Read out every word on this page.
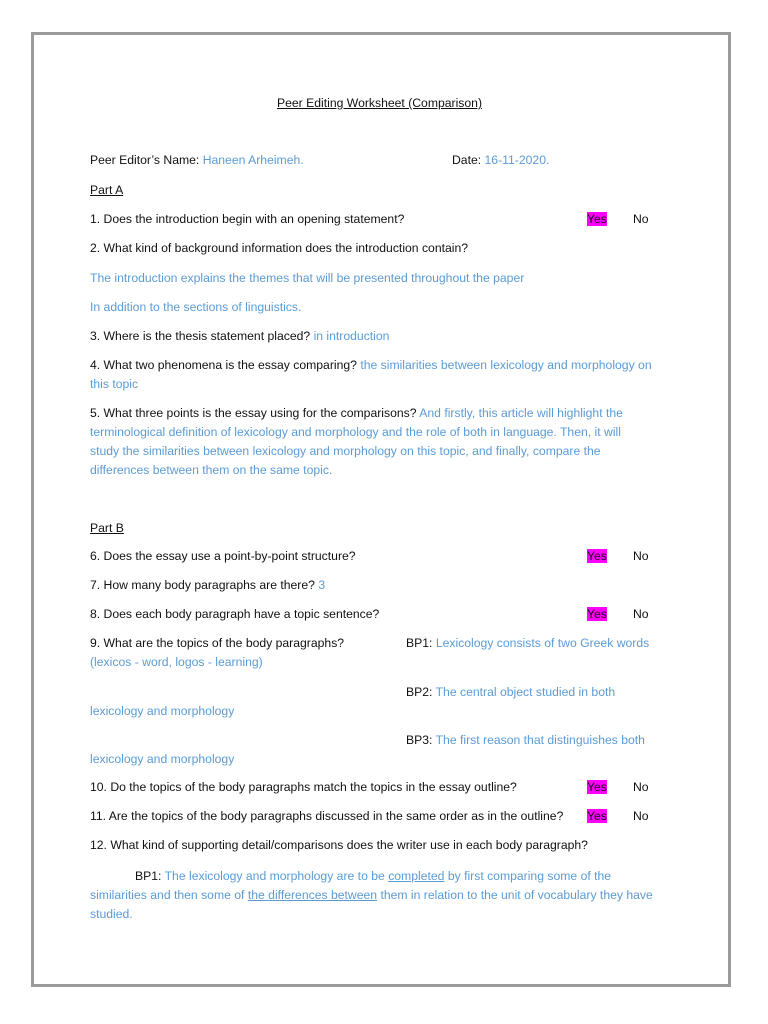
Peer Editing Worksheet (Comparison)
Peer Editor’s Name: Haneen Arheimeh.	Date: 16-11-2020.
Part A
1. Does the introduction begin with an opening statement?	Yes No
2. What kind of background information does the introduction contain?
The introduction explains the themes that will be presented throughout the paper
In addition to the sections of linguistics.
3. Where is the thesis statement placed? in introduction
4. What two phenomena is the essay comparing? the similarities between lexicology and morphology on
this topic
5. What three points is the essay using for the comparisons? And firstly, this article will highlight the
terminological definition of lexicology and morphology and the role of both in language. Then, it will
study the similarities between lexicology and morphology on this topic, and finally, compare the
differences between them on the same topic.
Part B
6. Does the essay use a point-by-point structure?	Yes No
7. How many body paragraphs are there? 3
8. Does each body paragraph have a topic sentence?	Yes No
9. What are the topics of the body paragraphs?	BP1: Lexicology consists of two Greek words
(lexicos - word, logos - learning)
BP2: The central object studied in both
lexicology and morphology
BP3: The first reason that distinguishes both
lexicology and morphology
10. Do the topics of the body paragraphs match the topics in the essay outline?	Yes No
11. Are the topics of the body paragraphs discussed in the same order as in the outline? Yes No
12. What kind of supporting detail/comparisons does the writer use in each body paragraph?
BP1: The lexicology and morphology are to be completed by first comparing some of the similarities and then some of the differences between them in relation to the unit of vocabulary they have studied.
